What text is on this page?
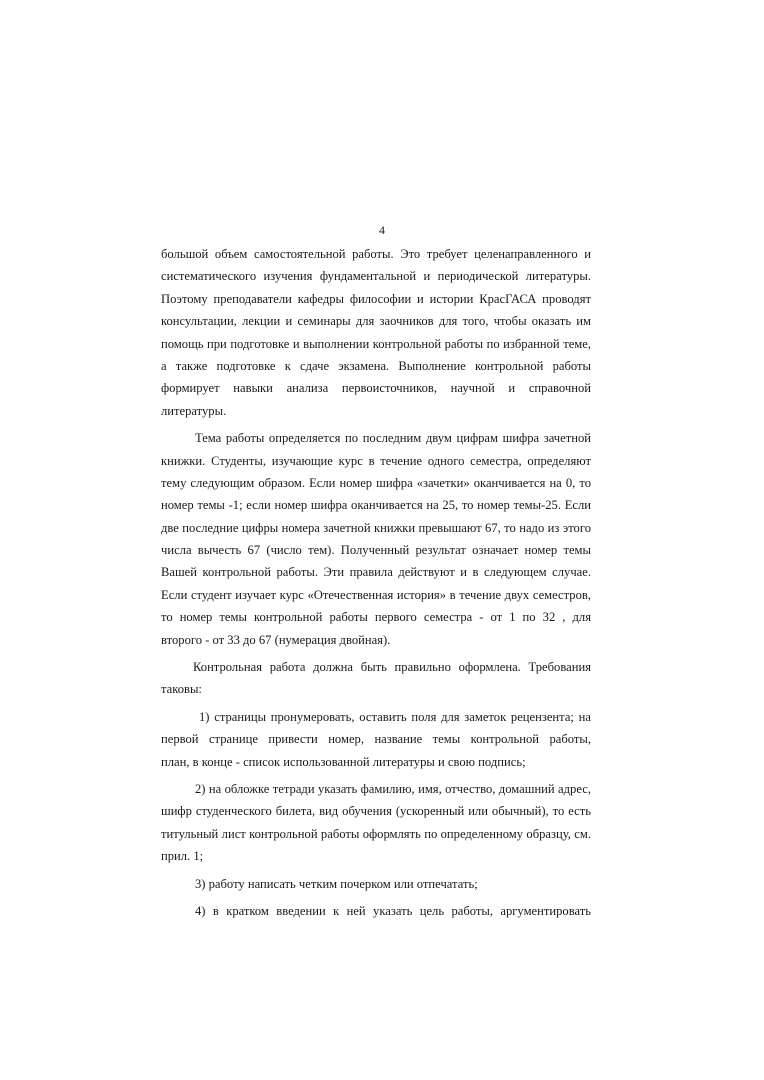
4
большой объем самостоятельной работы. Это требует целенаправленного и
систематического изучения фундаментальной и периодической литературы.
Поэтому преподаватели кафедры философии и истории КрасГАСА проводят
консультации, лекции и семинары для заочников для того, чтобы оказать им
помощь при подготовке и выполнении контрольной работы по избранной теме,
а также подготовке к сдаче экзамена. Выполнение контрольной работы
формирует навыки анализа первоисточников, научной и справочной
литературы.
Тема работы определяется по последним двум цифрам шифра зачетной
книжки. Студенты, изучающие курс в течение одного семестра, определяют
тему следующим образом. Если номер шифра «зачетки» оканчивается на 0, то
номер темы -1; если номер шифра оканчивается на 25, то номер темы-25. Если
две последние цифры номера зачетной книжки превышают 67, то надо из этого
числа вычесть 67 (число тем). Полученный результат означает номер темы
Вашей контрольной работы. Эти правила действуют и в следующем случае.
Если студент изучает курс «Отечественная история» в течение двух семестров,
то номер темы контрольной работы первого семестра - от 1 по 32 , для
второго - от 33 до 67 (нумерация двойная).
Контрольная работа должна быть правильно оформлена. Требования
таковы:
1) страницы пронумеровать, оставить поля для заметок рецензента; на
первой странице привести номер, название темы контрольной работы,
план, в конце - список использованной литературы и свою подпись;
2) на обложке тетради указать фамилию, имя, отчество, домашний адрес,
шифр студенческого билета, вид обучения (ускоренный или обычный), то есть
титульный лист контрольной работы оформлять по определенному образцу, см.
прил. 1;
3) работу написать четким почерком или отпечатать;
4) в кратком введении к ней указать цель работы, аргументировать
